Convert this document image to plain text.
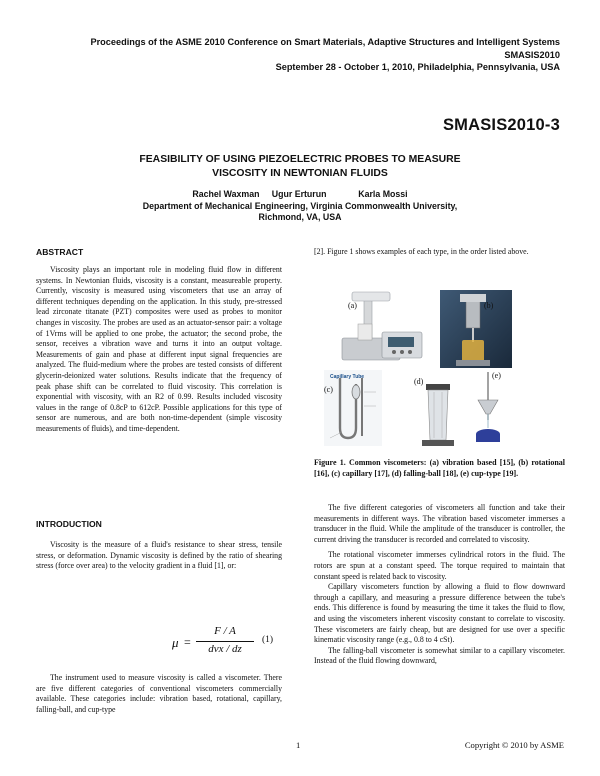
Proceedings of the ASME 2010 Conference on Smart Materials, Adaptive Structures and Intelligent Systems
SMASIS2010
September 28 - October 1, 2010, Philadelphia, Pennsylvania, USA
SMASIS2010-3
FEASIBILITY OF USING PIEZOELECTRIC PROBES TO MEASURE
VISCOSITY IN NEWTONIAN FLUIDS
Rachel Waxman     Ugur Erturun             Karla Mossi
Department of Mechanical Engineering, Virginia Commonwealth University,
Richmond, VA, USA
ABSTRACT

Viscosity plays an important role in modeling fluid flow in different systems. In Newtonian fluids, viscosity is a constant, measureable property. Currently, viscosity is measured using viscometers that use an array of different techniques depending on the application. In this study, pre-stressed lead zirconate titanate (PZT) composites were used as probes to monitor changes in viscosity. The probes are used as an actuator-sensor pair: a voltage of 1Vrms will be applied to one probe, the actuator; the second probe, the sensor, receives a vibration wave and turns it into an output voltage. Measurements of gain and phase at different input signal frequencies are analyzed. The fluid-medium where the probes are tested consists of different glycerin-deionized water solutions. Results indicate that the frequency of peak phase shift can be correlated to fluid viscosity. This correlation is exponential with viscosity, with an R2 of 0.99. Results included viscosity values in the range of 0.8cP to 612cP. Possible applications for this type of sensor are numerous, and are both non-time-dependent (simple viscosity measurements of fluids), and time-dependent.

INTRODUCTION

Viscosity is the measure of a fluid's resistance to shear stress, tensile stress, or deformation. Dynamic viscosity is defined by the ratio of shearing stress (force over area) to the velocity gradient in a fluid [1], or:

μ =
F / A
dvx / dz
(1)

The instrument used to measure viscosity is called a viscometer. There are five different categories of conventional viscometers commercially available. These categories include: vibration based, rotational, capillary, falling-ball, and cup-type

[2]. Figure 1 shows examples of each type, in the order listed above.

(a)	(b)
Capillary Tube
(c)
(d)
(e)
Figure 1. Common viscometers: (a) vibration based [15], (b) rotational [16], (c) capillary [17], (d) falling-ball [18], (e) cup-type [19].

The five different categories of viscometers all function and take their measurements in different ways. The vibration based viscometer immerses a transducer in the fluid. While the amplitude of the transducer is controller, the current driving the transducer is recorded and correlated to viscosity.

The rotational viscometer immerses cylindrical rotors in the fluid. The rotors are spun at a constant speed. The torque required to maintain that constant speed is related back to viscosity.

Capillary viscometers function by allowing a fluid to flow downward through a capillary, and measuring a pressure difference between the tube's ends. This difference is found by measuring the time it takes the fluid to flow, and using the viscometers inherent viscosity constant to correlate to viscosity. These viscometers are fairly cheap, but are designed for use over a specific kinematic viscosity range (e.g., 0.8 to 4 cSt).

The falling-ball viscometer is somewhat similar to a capillary viscometer. Instead of the fluid flowing downward,

1	Copyright © 2010 by ASME
